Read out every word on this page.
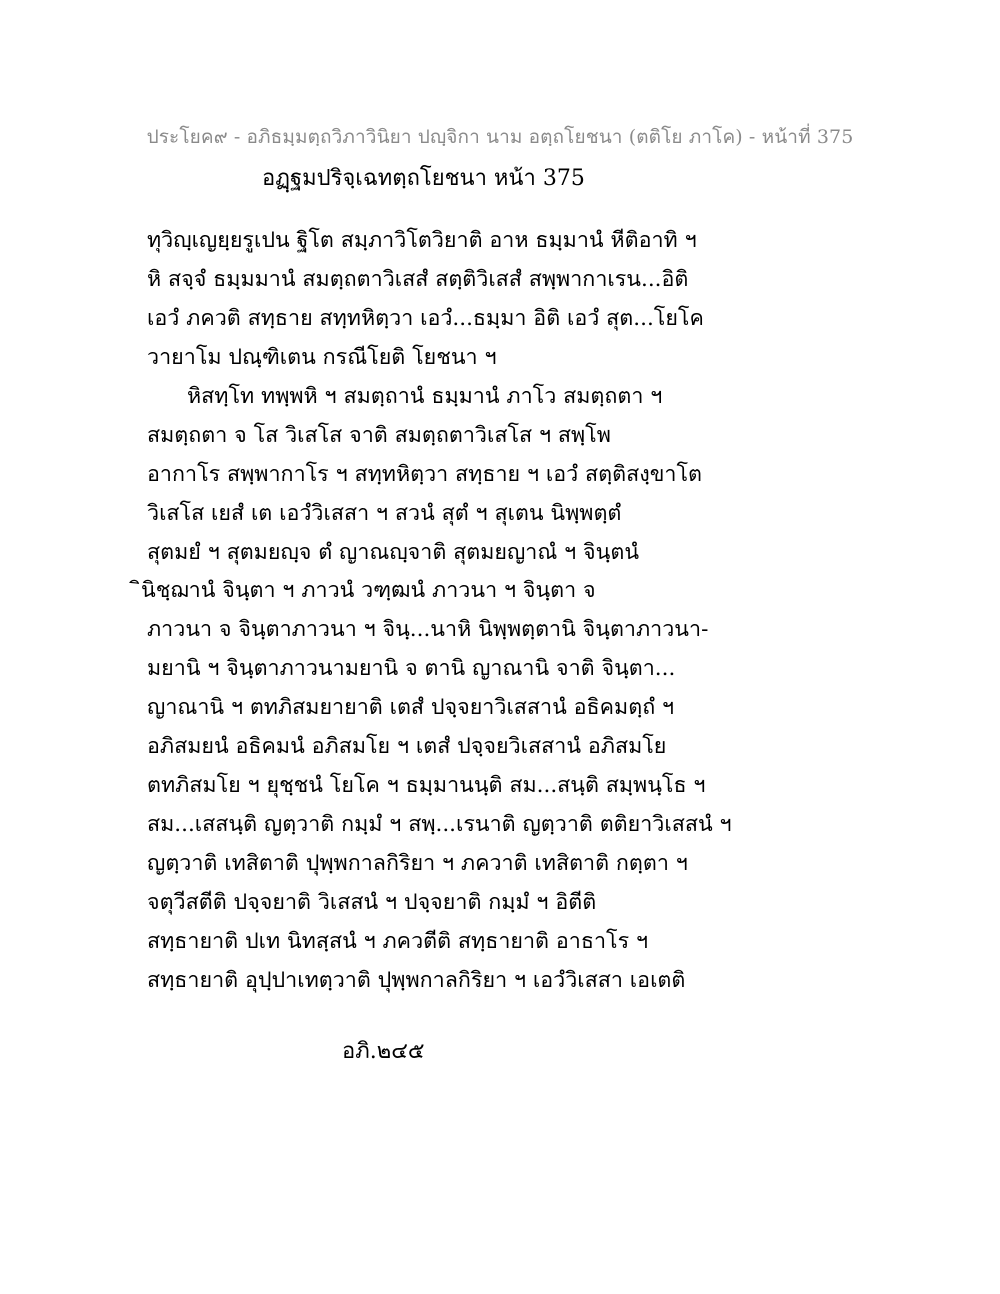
ประโยค๙ - อภิธมฺมตฺถวิภาวินิยา ปญฺจิกา นาม อตฺถโยชนา (ตติโย ภาโค) - หน้าที่ 375
อฏฺฐมปริจฺเฉทตฺถโยชนา หน้า 375
ทุวิญฺเญยฺยรูเปน ฐิโต สมฺภาวิโตวิยาติ อาห ธมฺมานํ หีติอาทิ ฯ
หิ สจฺจํ ธมฺมมานํ สมตฺถตาวิเสสํ สตฺติวิเสสํ สพฺพากาเรน...อิติ
เอวํ ภควติ สทฺธาย สทฺทหิตฺวา เอวํ...ธมฺมา อิติ เอวํ สุต...โยโค
วายาโม ปณฺฑิเตน กรณีโยติ โยชนา ฯ
หิสทฺโท ทพฺพหิ ฯ สมตฺถานํ ธมฺมานํ ภาโว สมตฺถตา ฯ
สมตฺถตา จ โส วิเสโส จาติ สมตฺถตาวิเสโส ฯ สพฺโพ
อากาโร สพฺพากาโร ฯ สทฺทหิตฺวา สทฺธาย ฯ เอวํ สตฺติสงฺขาโต
วิเสโส เยสํ เต เอวํวิเสสา ฯ สวนํ สุตํ ฯ สุเตน นิพฺพตฺตํ
สุตมยํ ฯ สุตมยญฺจ ตํ ญาณญฺจาติ สุตมยญาณํ ฯ จินฺตนํ
ินิชฺฌานํ จินฺตา ฯ ภาวนํ วฑฺฒนํ ภาวนา ฯ จินฺตา จ
ภาวนา จ จินฺตาภาวนา ฯ จินฺ...นาหิ นิพฺพตฺตานิ จินฺตาภาวนา-
มยานิ ฯ จินฺตาภาวนามยานิ จ ตานิ ญาณานิ จาติ จินฺตา...
ญาณานิ ฯ ตทภิสมยายาติ เตสํ ปจฺจยาวิเสสานํ อธิคมตฺถํ ฯ
อภิสมยนํ อธิคมนํ อภิสมโย ฯ เตสํ ปจฺจยวิเสสานํ อภิสมโย
ตทภิสมโย ฯ ยุชฺชนํ โยโค ฯ ธมฺมานนฺติ สม...สนฺติ สมฺพนฺโธ ฯ
สม...เสสนฺติ ญตฺวาติ กมฺมํ ฯ สพฺ...เรนาติ ญตฺวาติ ตติยาวิเสสนํ ฯ
ญตฺวาติ เทสิตาติ ปุพฺพกาลกิริยา ฯ ภควาติ เทสิตาติ กตฺตา ฯ
จตุวีสตีติ ปจฺจยาติ วิเสสนํ ฯ ปจฺจยาติ กมฺมํ ฯ อิตีติ
สทฺธายาติ ปเท นิทสฺสนํ ฯ ภควตีติ สทฺธายาติ อาธาโร ฯ
สทฺธายาติ อุปฺปาเทตฺวาติ ปุพฺพกาลกิริยา ฯ เอวํวิเสสา เอเตติ
อภิ.๒๔๕
